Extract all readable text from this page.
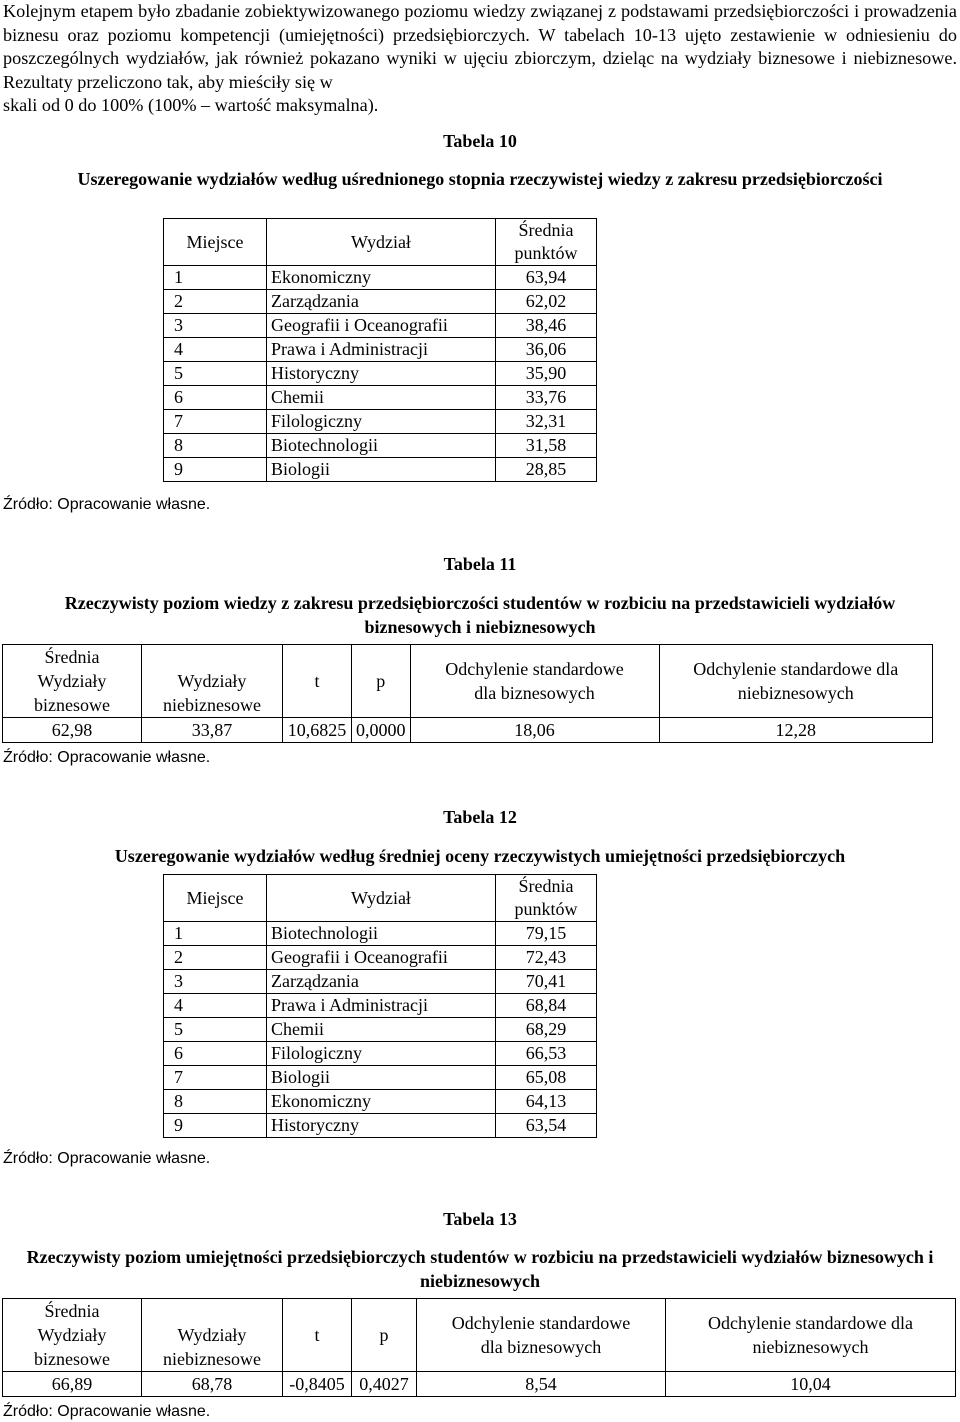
Kolejnym etapem było zbadanie zobiektywizowanego poziomu wiedzy związanej z podstawami przedsiębiorczości i prowadzenia biznesu oraz poziomu kompetencji (umiejętności) przedsiębiorczych. W tabelach 10-13 ujęto zestawienie w odniesieniu do poszczególnych wydziałów, jak również pokazano wyniki w ujęciu zbiorczym, dzieląc na wydziały biznesowe i niebiznesowe. Rezultaty przeliczono tak, aby mieściły się w
skali od 0 do 100% (100% – wartość maksymalna).
Tabela 10
Uszeregowanie wydziałów według uśrednionego stopnia rzeczywistej wiedzy z zakresu przedsiębiorczości
Miejsce	Wydział	Średnia
punktów
1	Ekonomiczny	63,94
2	Zarządzania	62,02
3	Geografii i Oceanografii	38,46
4	Prawa i Administracji	36,06
5	Historyczny	35,90
6	Chemii	33,76
7	Filologiczny	32,31
8	Biotechnologii	31,58
9	Biologii	28,85
Źródło: Opracowanie własne.
Tabela 11
Rzeczywisty poziom wiedzy z zakresu przedsiębiorczości studentów w rozbiciu na przedstawicieli wydziałów biznesowych i niebiznesowych
Średnia
Wydziały
biznesowe	Wydziały
niebiznesowe	t	p	Odchylenie standardowe
dla biznesowych	Odchylenie standardowe dla
niebiznesowych
62,98	33,87	10,6825	0,0000	18,06	12,28
Źródło: Opracowanie własne.
Tabela 12
Uszeregowanie wydziałów według średniej oceny rzeczywistych umiejętności przedsiębiorczych
Miejsce	Wydział	Średnia
punktów
1	Biotechnologii	79,15
2	Geografii i Oceanografii	72,43
3	Zarządzania	70,41
4	Prawa i Administracji	68,84
5	Chemii	68,29
6	Filologiczny	66,53
7	Biologii	65,08
8	Ekonomiczny	64,13
9	Historyczny	63,54
Źródło: Opracowanie własne.
Tabela 13
Rzeczywisty poziom umiejętności przedsiębiorczych studentów w rozbiciu na przedstawicieli wydziałów biznesowych i niebiznesowych
Średnia
Wydziały
biznesowe	Wydziały
niebiznesowe	t	p	Odchylenie standardowe
dla biznesowych	Odchylenie standardowe dla
niebiznesowych
66,89	68,78	-0,8405	0,4027	8,54	10,04
Źródło: Opracowanie własne.
